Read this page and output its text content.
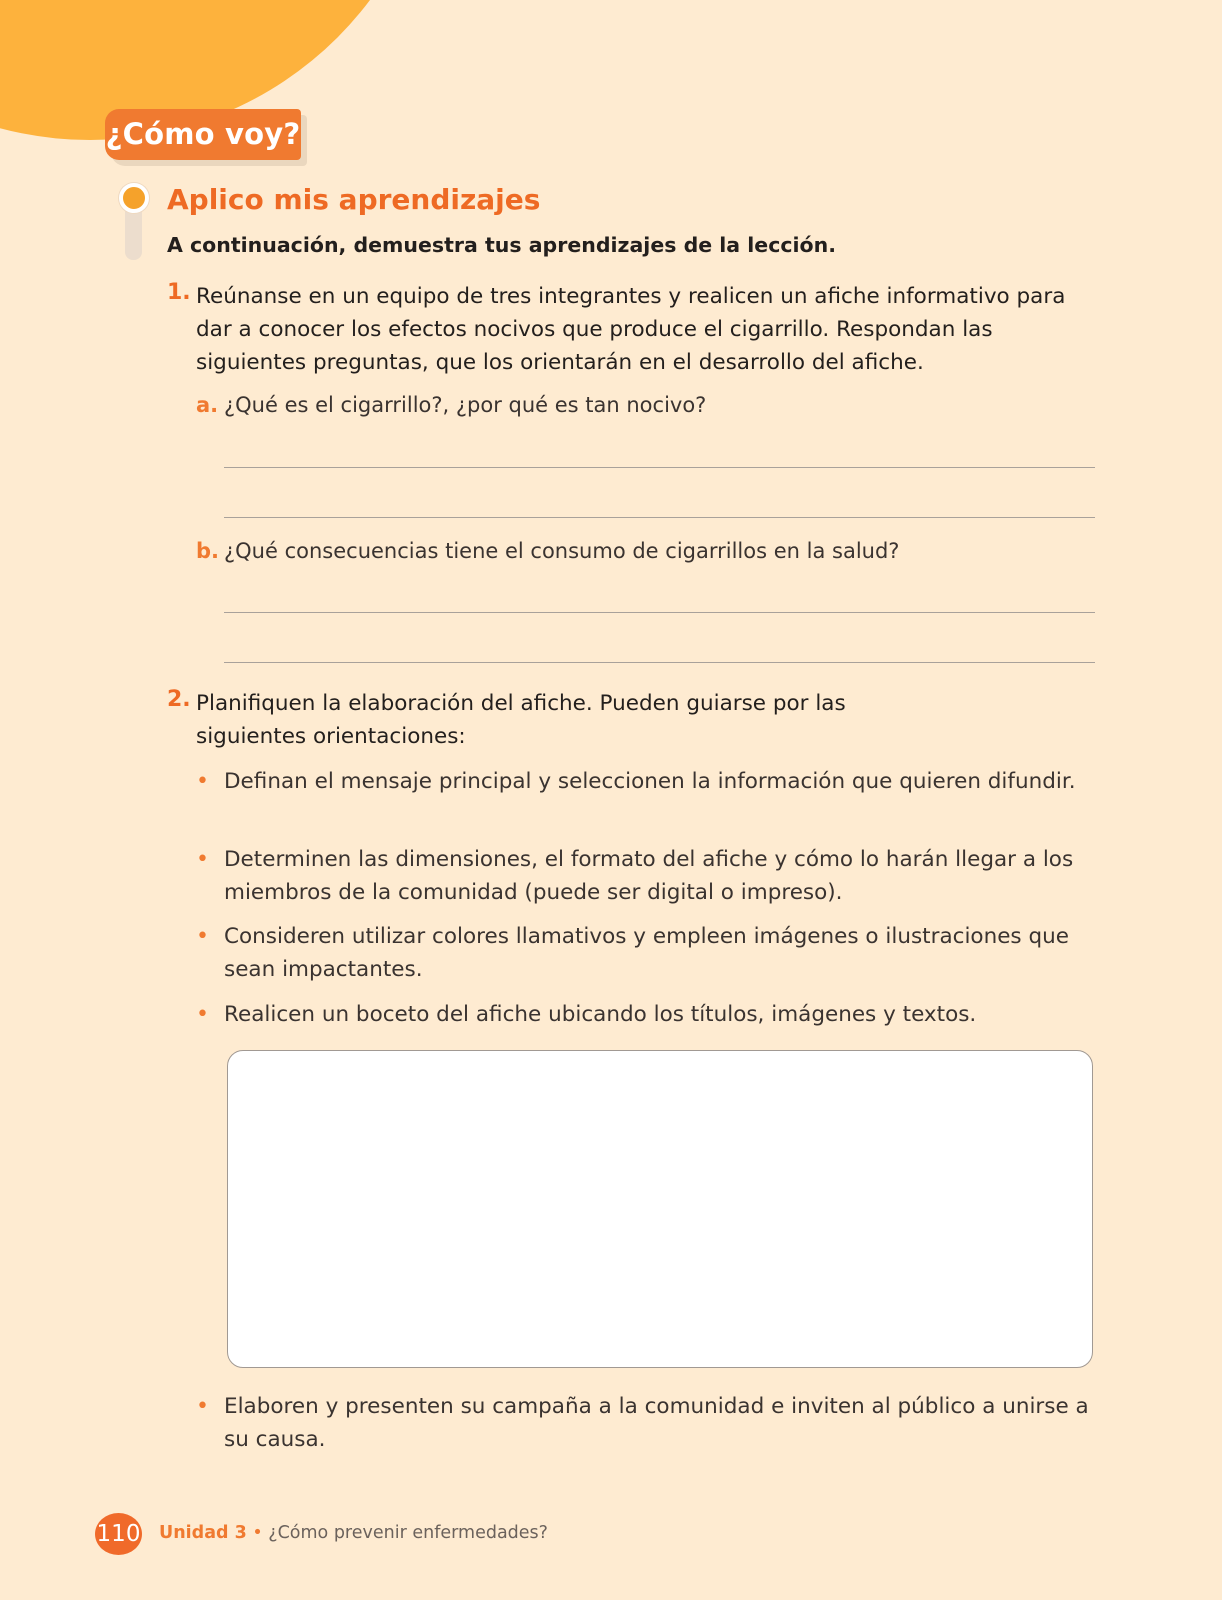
¿Cómo voy?
Aplico mis aprendizajes
A continuación, demuestra tus aprendizajes de la lección.
1. Reúnanse en un equipo de tres integrantes y realicen un afiche informativo para dar a conocer los efectos nocivos que produce el cigarrillo. Respondan las siguientes preguntas, que los orientarán en el desarrollo del afiche.
a. ¿Qué es el cigarrillo?, ¿por qué es tan nocivo?
b. ¿Qué consecuencias tiene el consumo de cigarrillos en la salud?
2. Planifiquen la elaboración del afiche. Pueden guiarse por las siguientes orientaciones:
• Definan el mensaje principal y seleccionen la información que quieren difundir.
• Determinen las dimensiones, el formato del afiche y cómo lo harán llegar a los miembros de la comunidad (puede ser digital o impreso).
• Consideren utilizar colores llamativos y empleen imágenes o ilustraciones que sean impactantes.
• Realicen un boceto del afiche ubicando los títulos, imágenes y textos.
• Elaboren y presenten su campaña a la comunidad e inviten al público a unirse a su causa.
110 Unidad 3 • ¿Cómo prevenir enfermedades?
